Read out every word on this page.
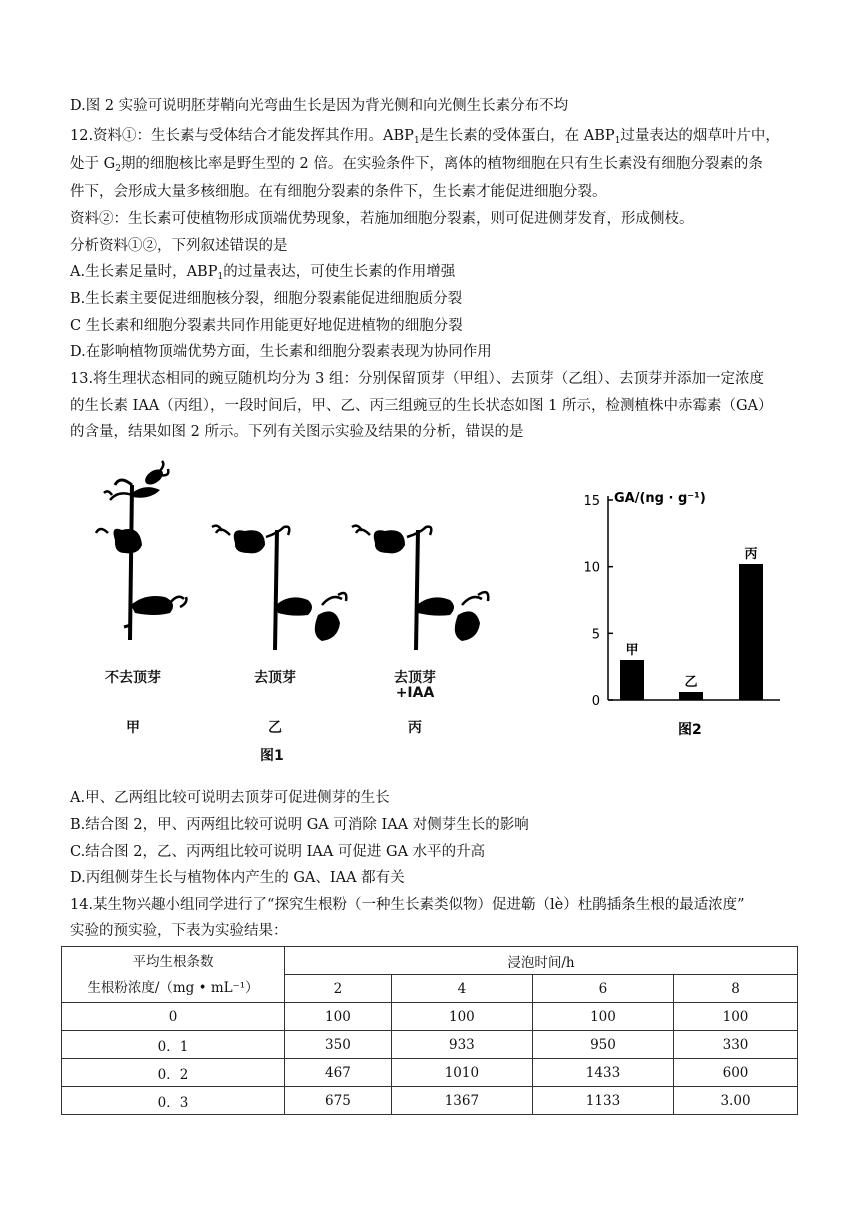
D.图 2 实验可说明胚芽鞘向光弯曲生长是因为背光侧和向光侧生长素分布不均
12.资料①：生长素与受体结合才能发挥其作用。$ABP_1$是生长素的受体蛋白，在 $ABP_1$过量表达的烟草叶片中，
处于 $G_2$期的细胞核比率是野生型的 2 倍。在实验条件下，离体的植物细胞在只有生长素没有细胞分裂素的条
件下，会形成大量多核细胞。在有细胞分裂素的条件下，生长素才能促进细胞分裂。
资料②：生长素可使植物形成顶端优势现象，若施加细胞分裂素，则可促进侧芽发育，形成侧枝。
分析资料①②，下列叙述错误的是
A.生长素足量时，$ABP_1$的过量表达，可使生长素的作用增强
B.生长素主要促进细胞核分裂，细胞分裂素能促进细胞质分裂
C 生长素和细胞分裂素共同作用能更好地促进植物的细胞分裂
D.在影响植物顶端优势方面，生长素和细胞分裂素表现为协同作用
13.将生理状态相同的豌豆随机均分为 3 组：分别保留顶芽（甲组）、去顶芽（乙组）、去顶芽并添加一定浓度
的生长素 IAA（丙组），一段时间后，甲、乙、丙三组豌豆的生长状态如图 1 所示，检测植株中赤霉素（GA）
的含量，结果如图 2 所示。下列有关图示实验及结果的分析，错误的是
不去顶芽	去顶芽	去顶芽
+IAA
甲	乙	丙
图1
GA/(ng · g⁻¹)
0
5
10
15
甲
乙
丙
图2
A.甲、乙两组比较可说明去顶芽可促进侧芽的生长
B.结合图 2，甲、丙两组比较可说明 GA 可消除 IAA 对侧芽生长的影响
C.结合图 2，乙、丙两组比较可说明 IAA 可促进 GA 水平的升高
D.丙组侧芽生长与植物体内产生的 GA、IAA 都有关
14.某生物兴趣小组同学进行了“探究生根粉（一种生长素类似物）促进簕（lè）杜鹃插条生根的最适浓度”
实验的预实验，下表为实验结果：
平均生根条数
生根粉浓度/（mg • mL⁻¹）	浸泡时间/h			
	2	4	6	8
0	100	100	100	100
0．1	350	933	950	330
0．2	467	1010	1433	600
0．3	675	1367	1133	3.00
